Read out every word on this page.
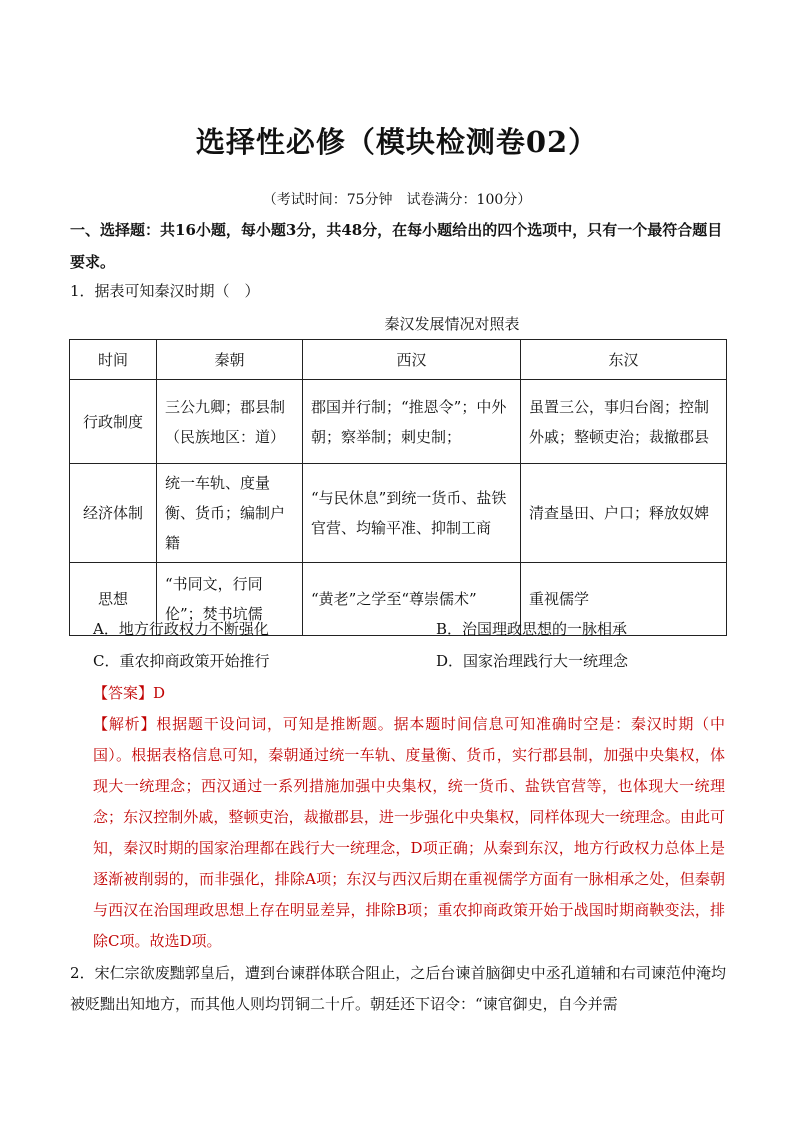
选择性必修（模块检测卷02）
（考试时间：75分钟　试卷满分：100分）
一、选择题：共16小题，每小题3分，共48分，在每小题给出的四个选项中，只有一个最符合题目要求。
1．据表可知秦汉时期（　）
秦汉发展情况对照表
时间	秦朝	西汉	东汉
行政制度	三公九卿；郡县制（民族地区：道）	郡国并行制；“推恩令”；中外朝；察举制；刺史制；	虽置三公，事归台阁；控制外戚；整顿吏治；裁撤郡县
经济体制	统一车轨、度量衡、货币；编制户籍	“与民休息”到统一货币、盐铁官营、均输平准、抑制工商	清查垦田、户口；释放奴婢
思想	“书同文，行同伦”；焚书坑儒	“黄老”之学至“尊崇儒术”	重视儒学
A．地方行政权力不断强化	B．治国理政思想的一脉相承
C．重农抑商政策开始推行	D．国家治理践行大一统理念
【答案】D
【解析】根据题干设问词，可知是推断题。据本题时间信息可知准确时空是：秦汉时期（中国）。根据表格信息可知，秦朝通过统一车轨、度量衡、货币，实行郡县制，加强中央集权，体现大一统理念；西汉通过一系列措施加强中央集权，统一货币、盐铁官营等，也体现大一统理念；东汉控制外戚，整顿吏治，裁撤郡县，进一步强化中央集权，同样体现大一统理念。由此可知，秦汉时期的国家治理都在践行大一统理念，D项正确；从秦到东汉，地方行政权力总体上是逐渐被削弱的，而非强化，排除A项；东汉与西汉后期在重视儒学方面有一脉相承之处，但秦朝与西汉在治国理政思想上存在明显差异，排除B项；重农抑商政策开始于战国时期商鞅变法，排除C项。故选D项。
2．宋仁宗欲废黜郭皇后，遭到台谏群体联合阻止，之后台谏首脑御史中丞孔道辅和右司谏范仲淹均被贬黜出知地方，而其他人则均罚铜二十斤。朝廷还下诏令：“谏官御史，自今并需
